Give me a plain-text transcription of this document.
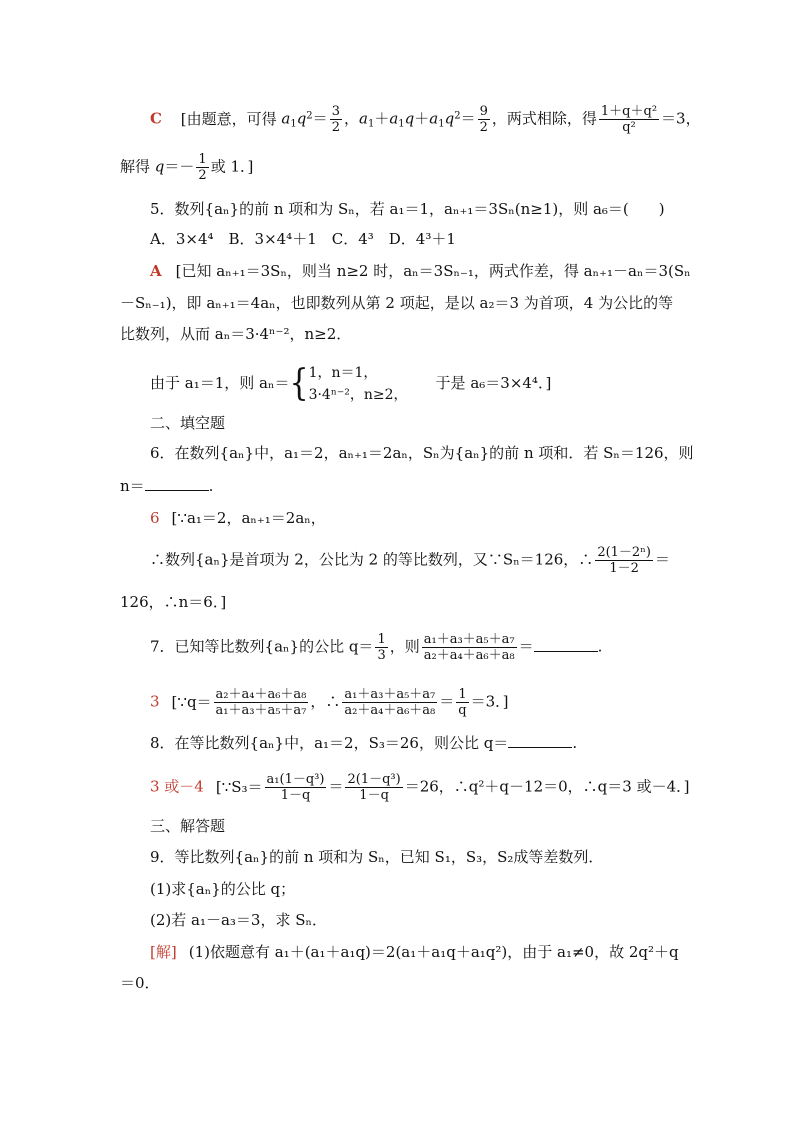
C [由题意，可得 $a_1q^2= \frac{3}{2}$ ，$a_1+a_1q+a_1q^2= \frac{9}{2}$ ，两式相除，得 $\frac{\text{1＋q＋q²}}{\text{q²}} =3$，
解得 $q=- \frac{1}{2}$ 或 1．]
5．数列{aₙ}的前 n 项和为 Sₙ，若 a₁＝1，aₙ₊₁＝3Sₙ(n≥1)，则 a₆＝(　　)
A．3×4⁴　B．3×4⁴＋1　C．4³　D．4³＋1
A [已知 aₙ₊₁＝3Sₙ，则当 n≥2 时，aₙ＝3Sₙ₋₁，两式作差，得 aₙ₊₁－aₙ＝3(Sₙ
－Sₙ₋₁)，即 aₙ₊₁＝4aₙ，也即数列从第 2 项起，是以 a₂＝3 为首项，4 为公比的等
比数列，从而 aₙ＝3·4ⁿ⁻²，n≥2．
由于 a₁＝1，则 aₙ＝{ 1，n＝1，
3·4ⁿ⁻²，n≥2，
于是 a₆＝3×4⁴．]
二、填空题
6．在数列{aₙ}中，a₁＝2，aₙ₊₁＝2aₙ，Sₙ为{aₙ}的前 n 项和．若 Sₙ＝126，则
n＝	.
6 [∵a₁＝2，aₙ₊₁＝2aₙ，
∴数列{aₙ}是首项为 2，公比为 2 的等比数列，又∵Sₙ＝126，∴ $\frac{\text{2(1－2ⁿ)}}{1-2}$ ＝
126，∴n＝6．]
7．已知等比数列{aₙ}的公比 $q= \frac{1}{3}$ ，则 $\frac{\text{a₁＋a₃＋a₅＋a₇}}{\text{a₂＋a₄＋a₆＋a₈}}$ ＝	.
3 [∵q＝ $\frac{\text{a₂＋a₄＋a₆＋a₈}}{\text{a₁＋a₃＋a₅＋a₇}}$ ，∴ $\frac{\text{a₁＋a₃＋a₅＋a₇}}{\text{a₂＋a₄＋a₆＋a₈}} = \frac{1}{q} =3$．]
8．在等比数列{aₙ}中，a₁＝2，S₃＝26，则公比 q＝	.
3 或－4 [∵S₃＝ $\frac{\text{a₁(1－q³)}}{1-q} = \frac{\text{2(1－q³)}}{1-q} =26$，∴q²＋q－12＝0，∴q＝3 或－4．]
三、解答题
9．等比数列{aₙ}的前 n 项和为 Sₙ，已知 S₁，S₃，S₂成等差数列．
(1)求{aₙ}的公比 q；
(2)若 a₁－a₃＝3，求 Sₙ．
[解] (1)依题意有 a₁＋(a₁＋a₁q)＝2(a₁＋a₁q＋a₁q²)，由于 a₁≠0，故 2q²＋q
＝0．
